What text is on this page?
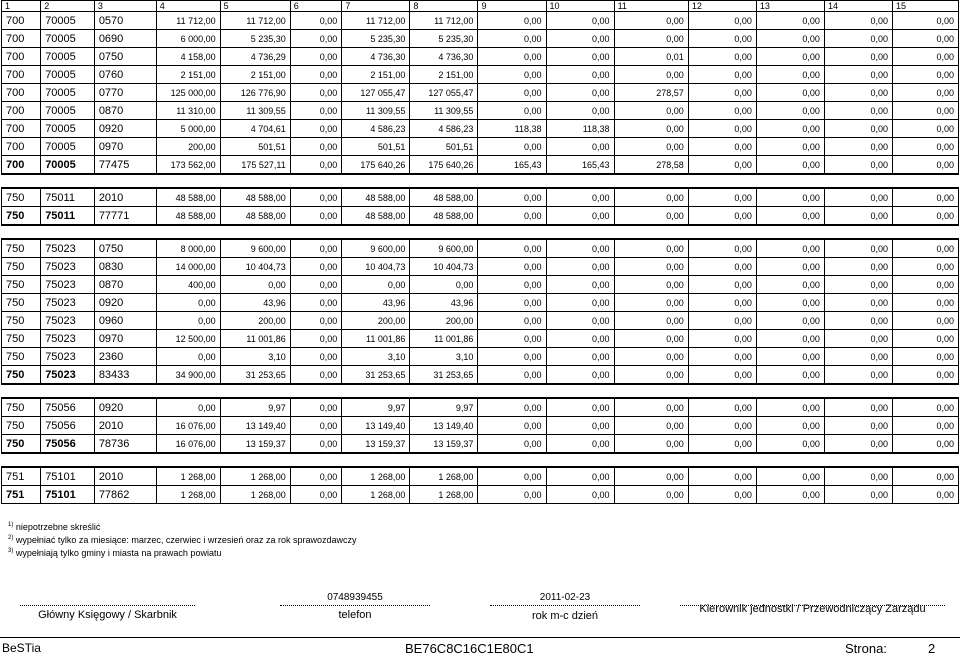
1	2	3	4	5	6	7	8	9	10	11	12	13	14	15
700	70005	0570	11 712,00	11 712,00	0,00	11 712,00	11 712,00	0,00	0,00	0,00	0,00	0,00	0,00	0,00
700	70005	0690	6 000,00	5 235,30	0,00	5 235,30	5 235,30	0,00	0,00	0,00	0,00	0,00	0,00	0,00
700	70005	0750	4 158,00	4 736,29	0,00	4 736,30	4 736,30	0,00	0,00	0,01	0,00	0,00	0,00	0,00
700	70005	0760	2 151,00	2 151,00	0,00	2 151,00	2 151,00	0,00	0,00	0,00	0,00	0,00	0,00	0,00
700	70005	0770	125 000,00	126 776,90	0,00	127 055,47	127 055,47	0,00	0,00	278,57	0,00	0,00	0,00	0,00
700	70005	0870	11 310,00	11 309,55	0,00	11 309,55	11 309,55	0,00	0,00	0,00	0,00	0,00	0,00	0,00
700	70005	0920	5 000,00	4 704,61	0,00	4 586,23	4 586,23	118,38	118,38	0,00	0,00	0,00	0,00	0,00
700	70005	0970	200,00	501,51	0,00	501,51	501,51	0,00	0,00	0,00	0,00	0,00	0,00	0,00
700	70005	77475	173 562,00	175 527,11	0,00	175 640,26	175 640,26	165,43	165,43	278,58	0,00	0,00	0,00	0,00

750	75011	2010	48 588,00	48 588,00	0,00	48 588,00	48 588,00	0,00	0,00	0,00	0,00	0,00	0,00	0,00
750	75011	77771	48 588,00	48 588,00	0,00	48 588,00	48 588,00	0,00	0,00	0,00	0,00	0,00	0,00	0,00

750	75023	0750	8 000,00	9 600,00	0,00	9 600,00	9 600,00	0,00	0,00	0,00	0,00	0,00	0,00	0,00
750	75023	0830	14 000,00	10 404,73	0,00	10 404,73	10 404,73	0,00	0,00	0,00	0,00	0,00	0,00	0,00
750	75023	0870	400,00	0,00	0,00	0,00	0,00	0,00	0,00	0,00	0,00	0,00	0,00	0,00
750	75023	0920	0,00	43,96	0,00	43,96	43,96	0,00	0,00	0,00	0,00	0,00	0,00	0,00
750	75023	0960	0,00	200,00	0,00	200,00	200,00	0,00	0,00	0,00	0,00	0,00	0,00	0,00
750	75023	0970	12 500,00	11 001,86	0,00	11 001,86	11 001,86	0,00	0,00	0,00	0,00	0,00	0,00	0,00
750	75023	2360	0,00	3,10	0,00	3,10	3,10	0,00	0,00	0,00	0,00	0,00	0,00	0,00
750	75023	83433	34 900,00	31 253,65	0,00	31 253,65	31 253,65	0,00	0,00	0,00	0,00	0,00	0,00	0,00

750	75056	0920	0,00	9,97	0,00	9,97	9,97	0,00	0,00	0,00	0,00	0,00	0,00	0,00
750	75056	2010	16 076,00	13 149,40	0,00	13 149,40	13 149,40	0,00	0,00	0,00	0,00	0,00	0,00	0,00
750	75056	78736	16 076,00	13 159,37	0,00	13 159,37	13 159,37	0,00	0,00	0,00	0,00	0,00	0,00	0,00

751	75101	2010	1 268,00	1 268,00	0,00	1 268,00	1 268,00	0,00	0,00	0,00	0,00	0,00	0,00	0,00
751	75101	77862	1 268,00	1 268,00	0,00	1 268,00	1 268,00	0,00	0,00	0,00	0,00	0,00	0,00	0,00
$^{1)}$ niepotrzebne skreślić
$^{2)}$ wypełniać tylko za miesiące: marzec, czerwiec i wrzesień oraz za rok sprawozdawczy
$^{3)}$ wypełniają tylko gminy i miasta na prawach powiatu
0748939455	2011-02-23
Główny Księgowy / Skarbnik	telefon	rok m-c dzień
Kierownik jednostki / Przewodniczący Zarządu
BeSTia	BE76C8C16C1E80C1	Strona:	2
